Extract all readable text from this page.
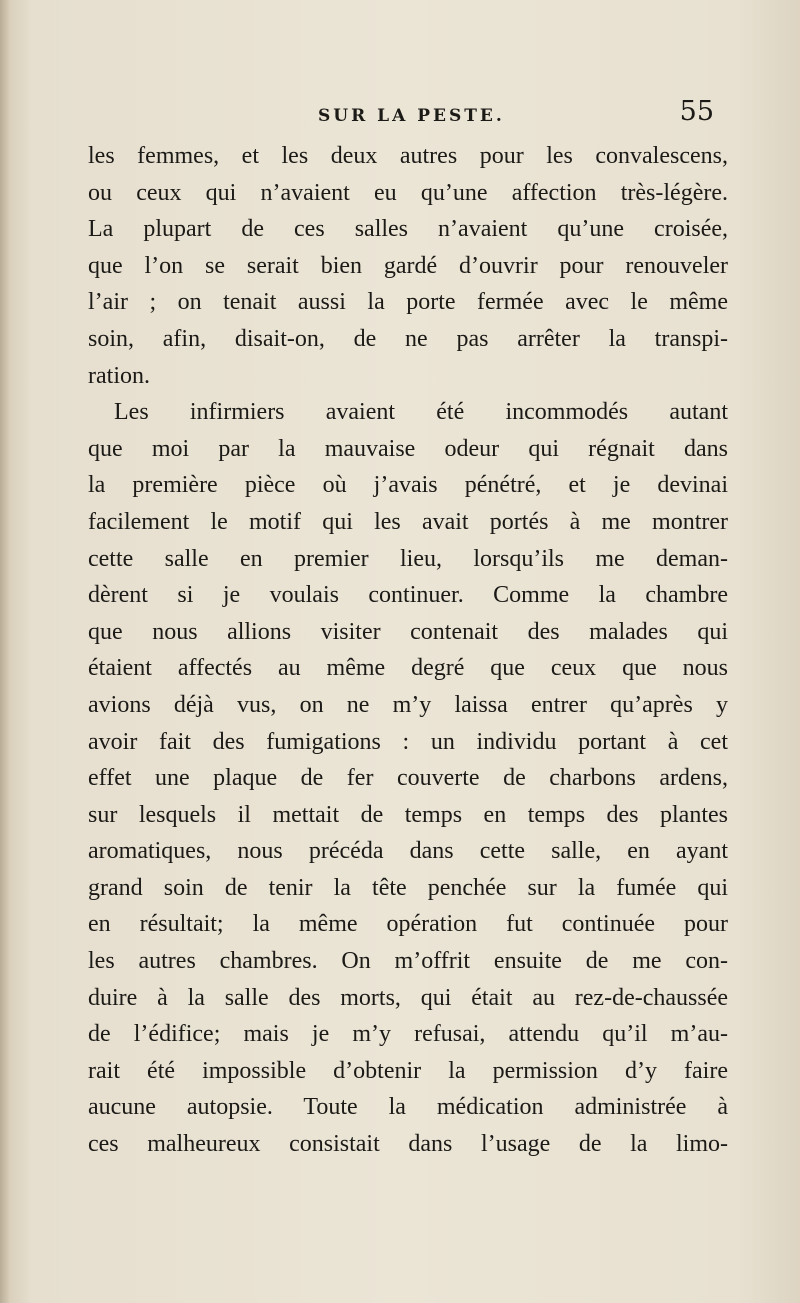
SUR LA PESTE.	55
les femmes, et les deux autres pour les convalescens,
ou ceux qui n’avaient eu qu’une affection très-légère.
La plupart de ces salles n’avaient qu’une croisée,
que l’on se serait bien gardé d’ouvrir pour renouveler
l’air ; on tenait aussi la porte fermée avec le même
soin, afin, disait-on, de ne pas arrêter la transpi-
ration.
Les infirmiers avaient été incommodés autant
que moi par la mauvaise odeur qui régnait dans
la première pièce où j’avais pénétré, et je devinai
facilement le motif qui les avait portés à me montrer
cette salle en premier lieu, lorsqu’ils me deman-
dèrent si je voulais continuer. Comme la chambre
que nous allions visiter contenait des malades qui
étaient affectés au même degré que ceux que nous
avions déjà vus, on ne m’y laissa entrer qu’après y
avoir fait des fumigations : un individu portant à cet
effet une plaque de fer couverte de charbons ardens,
sur lesquels il mettait de temps en temps des plantes
aromatiques, nous précéda dans cette salle, en ayant
grand soin de tenir la tête penchée sur la fumée qui
en résultait; la même opération fut continuée pour
les autres chambres. On m’offrit ensuite de me con-
duire à la salle des morts, qui était au rez-de-chaussée
de l’édifice; mais je m’y refusai, attendu qu’il m’au-
rait été impossible d’obtenir la permission d’y faire
aucune autopsie. Toute la médication administrée à
ces malheureux consistait dans l’usage de la limo-
